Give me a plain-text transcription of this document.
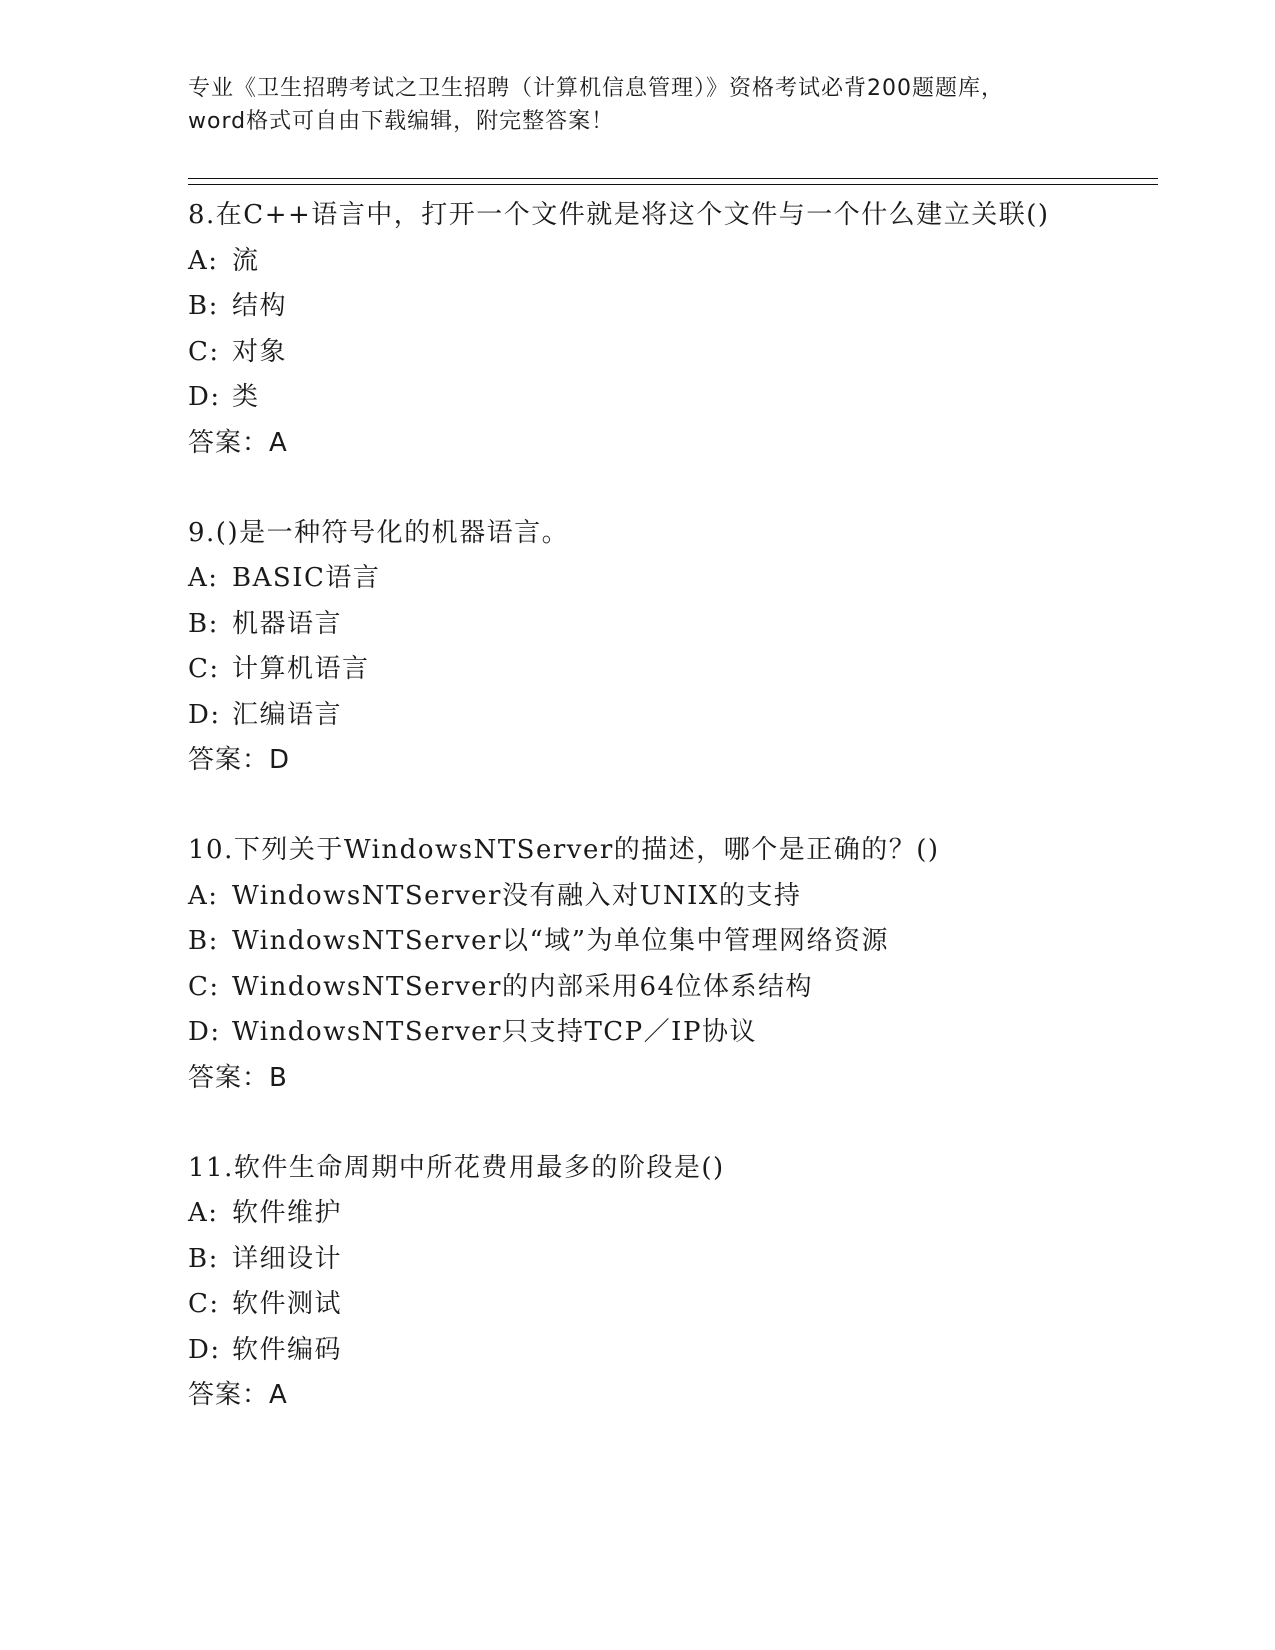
专业《卫生招聘考试之卫生招聘（计算机信息管理）》资格考试必背200题题库，
word格式可自由下载编辑，附完整答案！
8.在C++语言中，打开一个文件就是将这个文件与一个什么建立关联()
A: 流
B: 结构
C: 对象
D: 类
答案：A
9.()是一种符号化的机器语言。
A: BASIC语言
B: 机器语言
C: 计算机语言
D: 汇编语言
答案：D
10.下列关于WindowsNTServer的描述，哪个是正确的？()
A: WindowsNTServer没有融入对UNIX的支持
B: WindowsNTServer以“域”为单位集中管理网络资源
C: WindowsNTServer的内部采用64位体系结构
D: WindowsNTServer只支持TCP／IP协议
答案：B
11.软件生命周期中所花费用最多的阶段是()
A: 软件维护
B: 详细设计
C: 软件测试
D: 软件编码
答案：A
